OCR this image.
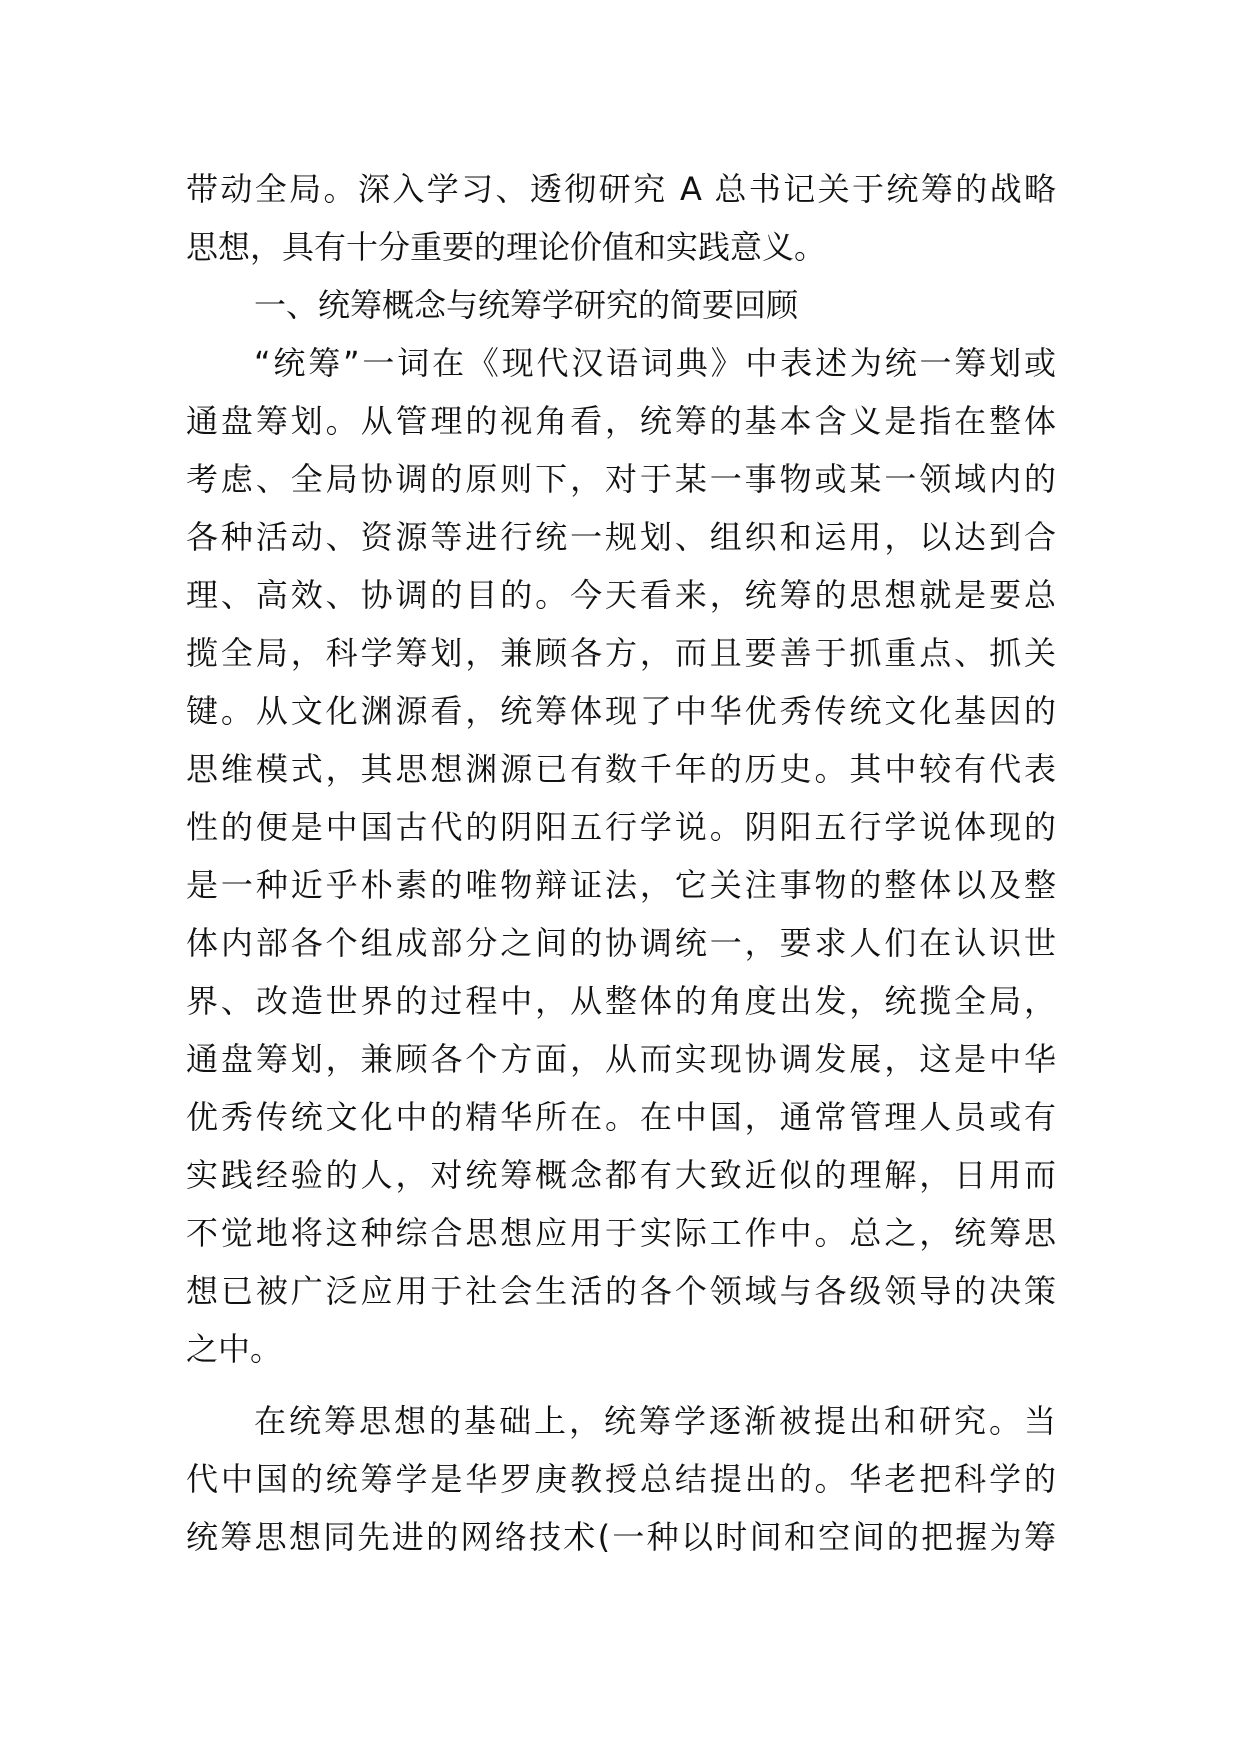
带动全局。深入学习、透彻研究 A 总书记关于统筹的战略
思想，具有十分重要的理论价值和实践意义。
一、统筹概念与统筹学研究的简要回顾
“统筹”一词在《现代汉语词典》中表述为统一筹划或
通盘筹划。从管理的视角看，统筹的基本含义是指在整体
考虑、全局协调的原则下，对于某一事物或某一领域内的
各种活动、资源等进行统一规划、组织和运用，以达到合
理、高效、协调的目的。今天看来，统筹的思想就是要总
揽全局，科学筹划，兼顾各方，而且要善于抓重点、抓关
键。从文化渊源看，统筹体现了中华优秀传统文化基因的
思维模式，其思想渊源已有数千年的历史。其中较有代表
性的便是中国古代的阴阳五行学说。阴阳五行学说体现的
是一种近乎朴素的唯物辩证法，它关注事物的整体以及整
体内部各个组成部分之间的协调统一，要求人们在认识世
界、改造世界的过程中，从整体的角度出发，统揽全局，
通盘筹划，兼顾各个方面，从而实现协调发展，这是中华
优秀传统文化中的精华所在。在中国，通常管理人员或有
实践经验的人，对统筹概念都有大致近似的理解，日用而
不觉地将这种综合思想应用于实际工作中。总之，统筹思
想已被广泛应用于社会生活的各个领域与各级领导的决策
之中。
在统筹思想的基础上，统筹学逐渐被提出和研究。当
代中国的统筹学是华罗庚教授总结提出的。华老把科学的
统筹思想同先进的网络技术(一种以时间和空间的把握为筹
